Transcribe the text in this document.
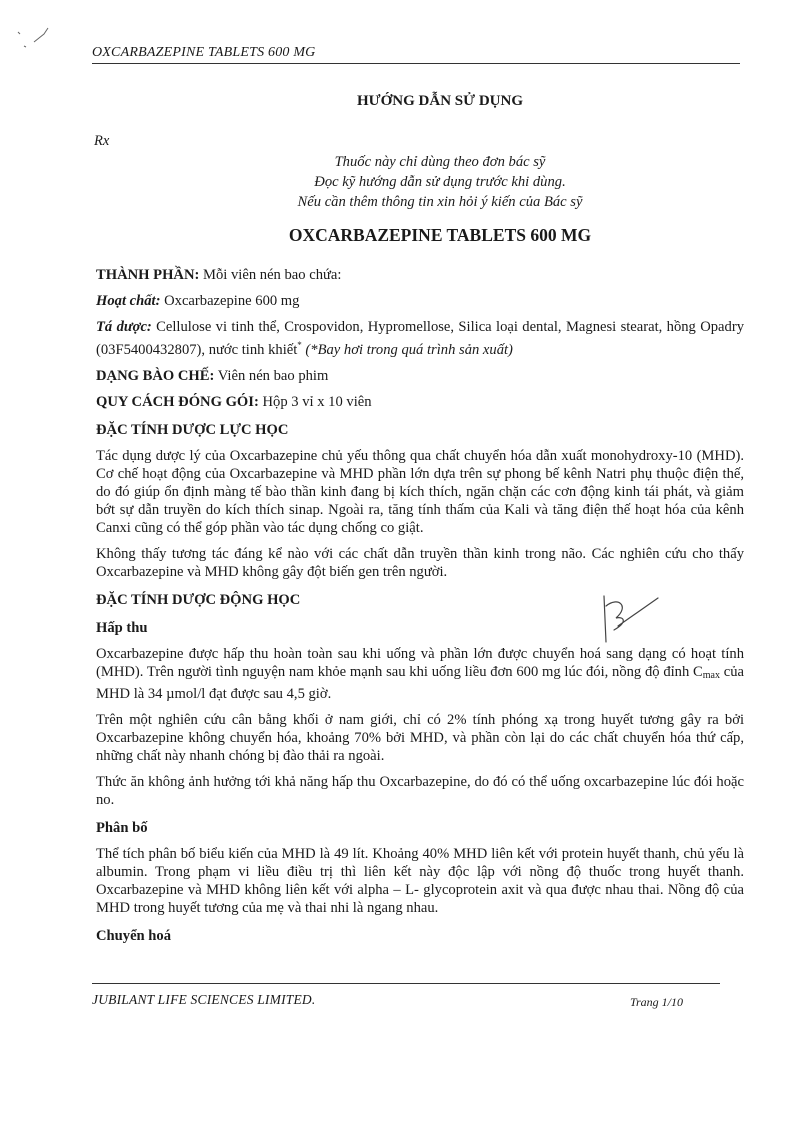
OXCARBAZEPINE TABLETS 600 MG
HƯỚNG DẪN SỬ DỤNG
Rx
Thuốc này chỉ dùng theo đơn bác sỹ
Đọc kỹ hướng dẫn sử dụng trước khi dùng.
Nếu cần thêm thông tin xin hỏi ý kiến của Bác sỹ
OXCARBAZEPINE TABLETS 600 MG
THÀNH PHẦN: Mỗi viên nén bao chứa:
Hoạt chất: Oxcarbazepine 600 mg
Tá dược: Cellulose vi tinh thể, Crospovidon, Hypromellose, Silica loại dental, Magnesi stearat, hồng Opadry (03F5400432807), nước tinh khiết* (*Bay hơi trong quá trình sản xuất)
DẠNG BÀO CHẾ: Viên nén bao phim
QUY CÁCH ĐÓNG GÓI: Hộp 3 vỉ x 10 viên
ĐẶC TÍNH DƯỢC LỰC HỌC
Tác dụng dược lý của Oxcarbazepine chủ yếu thông qua chất chuyển hóa dẫn xuất monohydroxy-10 (MHD). Cơ chế hoạt động của Oxcarbazepine và MHD phần lớn dựa trên sự phong bế kênh Natri phụ thuộc điện thế, do đó giúp ổn định màng tế bào thần kinh đang bị kích thích, ngăn chặn các cơn động kinh tái phát, và giảm bớt sự dẫn truyền do kích thích sinap. Ngoài ra, tăng tính thấm của Kali và tăng điện thế hoạt hóa của kênh Canxi cũng có thể góp phần vào tác dụng chống co giật.
Không thấy tương tác đáng kể nào với các chất dẫn truyền thần kinh trong não. Các nghiên cứu cho thấy Oxcarbazepine và MHD không gây đột biến gen trên người.
ĐẶC TÍNH DƯỢC ĐỘNG HỌC
Hấp thu
Oxcarbazepine được hấp thu hoàn toàn sau khi uống và phần lớn được chuyển hoá sang dạng có hoạt tính (MHD). Trên người tình nguyện nam khỏe mạnh sau khi uống liều đơn 600 mg lúc đói, nồng độ đỉnh $C_{max}$ của MHD là 34 µmol/l đạt được sau 4,5 giờ.
Trên một nghiên cứu cân bằng khối ở nam giới, chỉ có 2% tính phóng xạ trong huyết tương gây ra bởi Oxcarbazepine không chuyển hóa, khoảng 70% bởi MHD, và phần còn lại do các chất chuyển hóa thứ cấp, những chất này nhanh chóng bị đào thải ra ngoài.
Thức ăn không ảnh hưởng tới khả năng hấp thu Oxcarbazepine, do đó có thể uống oxcarbazepine lúc đói hoặc no.
Phân bố
Thể tích phân bố biểu kiến của MHD là 49 lít. Khoảng 40% MHD liên kết với protein huyết thanh, chủ yếu là albumin. Trong phạm vi liều điều trị thì liên kết này độc lập với nồng độ thuốc trong huyết thanh. Oxcarbazepine và MHD không liên kết với alpha – L- glycoprotein axit và qua được nhau thai. Nồng độ của MHD trong huyết tương của mẹ và thai nhi là ngang nhau.
Chuyển hoá
JUBILANT LIFE SCIENCES LIMITED.	Trang 1/10
